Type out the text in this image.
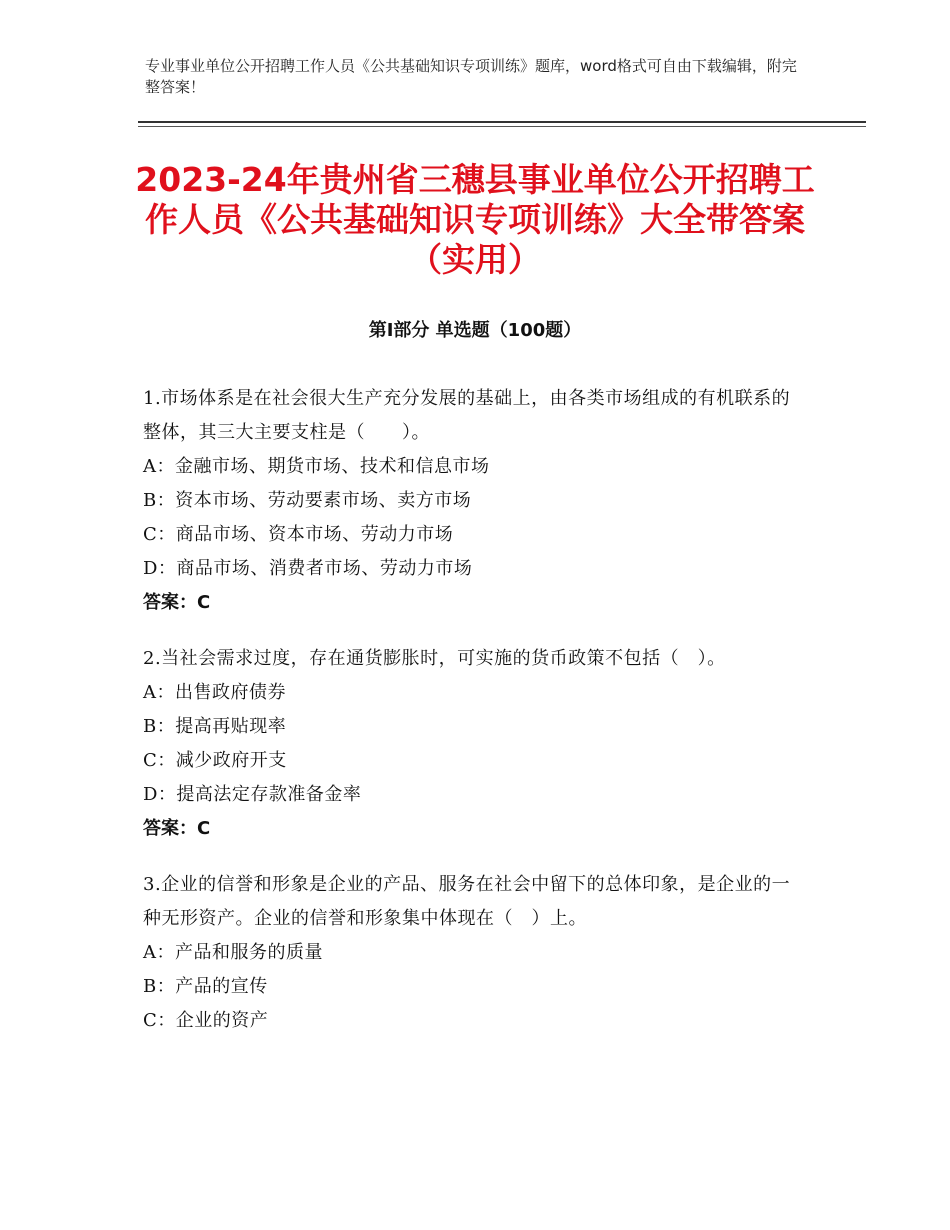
专业事业单位公开招聘工作人员《公共基础知识专项训练》题库，word格式可自由下载编辑，附完整答案！
2023-24年贵州省三穗县事业单位公开招聘工作人员《公共基础知识专项训练》大全带答案（实用）
第Ⅰ部分 单选题（100题）
1.市场体系是在社会很大生产充分发展的基础上，由各类市场组成的有机联系的整体，其三大主要支柱是（　　）。
A：金融市场、期货市场、技术和信息市场
B：资本市场、劳动要素市场、卖方市场
C：商品市场、资本市场、劳动力市场
D：商品市场、消费者市场、劳动力市场
答案：C
2.当社会需求过度，存在通货膨胀时，可实施的货币政策不包括（　）。
A：出售政府债券
B：提高再贴现率
C：减少政府开支
D：提高法定存款准备金率
答案：C
3.企业的信誉和形象是企业的产品、服务在社会中留下的总体印象，是企业的一种无形资产。企业的信誉和形象集中体现在（　）上。
A：产品和服务的质量
B：产品的宣传
C：企业的资产
